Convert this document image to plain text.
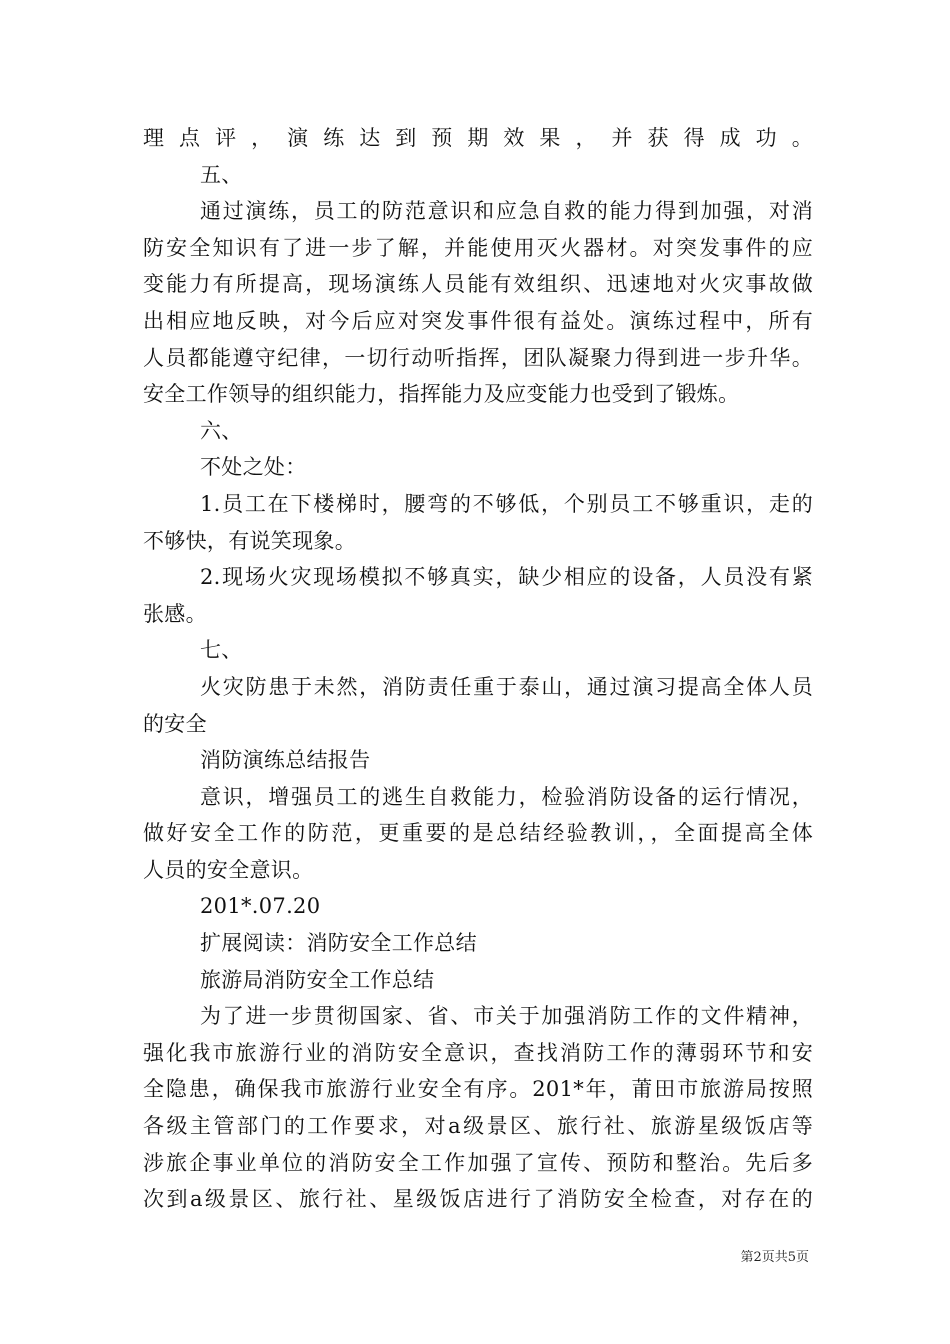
理点评，演练达到预期效果，并获得成功。
五、
通过演练，员工的防范意识和应急自救的能力得到加强，对消
防安全知识有了进一步了解，并能使用灭火器材。对突发事件的应
变能力有所提高，现场演练人员能有效组织、迅速地对火灾事故做
出相应地反映，对今后应对突发事件很有益处。演练过程中，所有
人员都能遵守纪律，一切行动听指挥，团队凝聚力得到进一步升华。
安全工作领导的组织能力，指挥能力及应变能力也受到了锻炼。
六、
不处之处：
1.员工在下楼梯时，腰弯的不够低，个别员工不够重识，走的
不够快，有说笑现象。
2.现场火灾现场模拟不够真实，缺少相应的设备，人员没有紧
张感。
七、
火灾防患于未然，消防责任重于泰山，通过演习提高全体人员
的安全
消防演练总结报告
意识，增强员工的逃生自救能力，检验消防设备的运行情况，
做好安全工作的防范，更重要的是总结经验教训，，全面提高全体
人员的安全意识。
201*.07.20
扩展阅读：消防安全工作总结
旅游局消防安全工作总结
为了进一步贯彻国家、省、市关于加强消防工作的文件精神，
强化我市旅游行业的消防安全意识，查找消防工作的薄弱环节和安
全隐患，确保我市旅游行业安全有序。201*年，莆田市旅游局按照
各级主管部门的工作要求，对a级景区、旅行社、旅游星级饭店等
涉旅企事业单位的消防安全工作加强了宣传、预防和整治。先后多
次到a级景区、旅行社、星级饭店进行了消防安全检查，对存在的
第2页共5页
